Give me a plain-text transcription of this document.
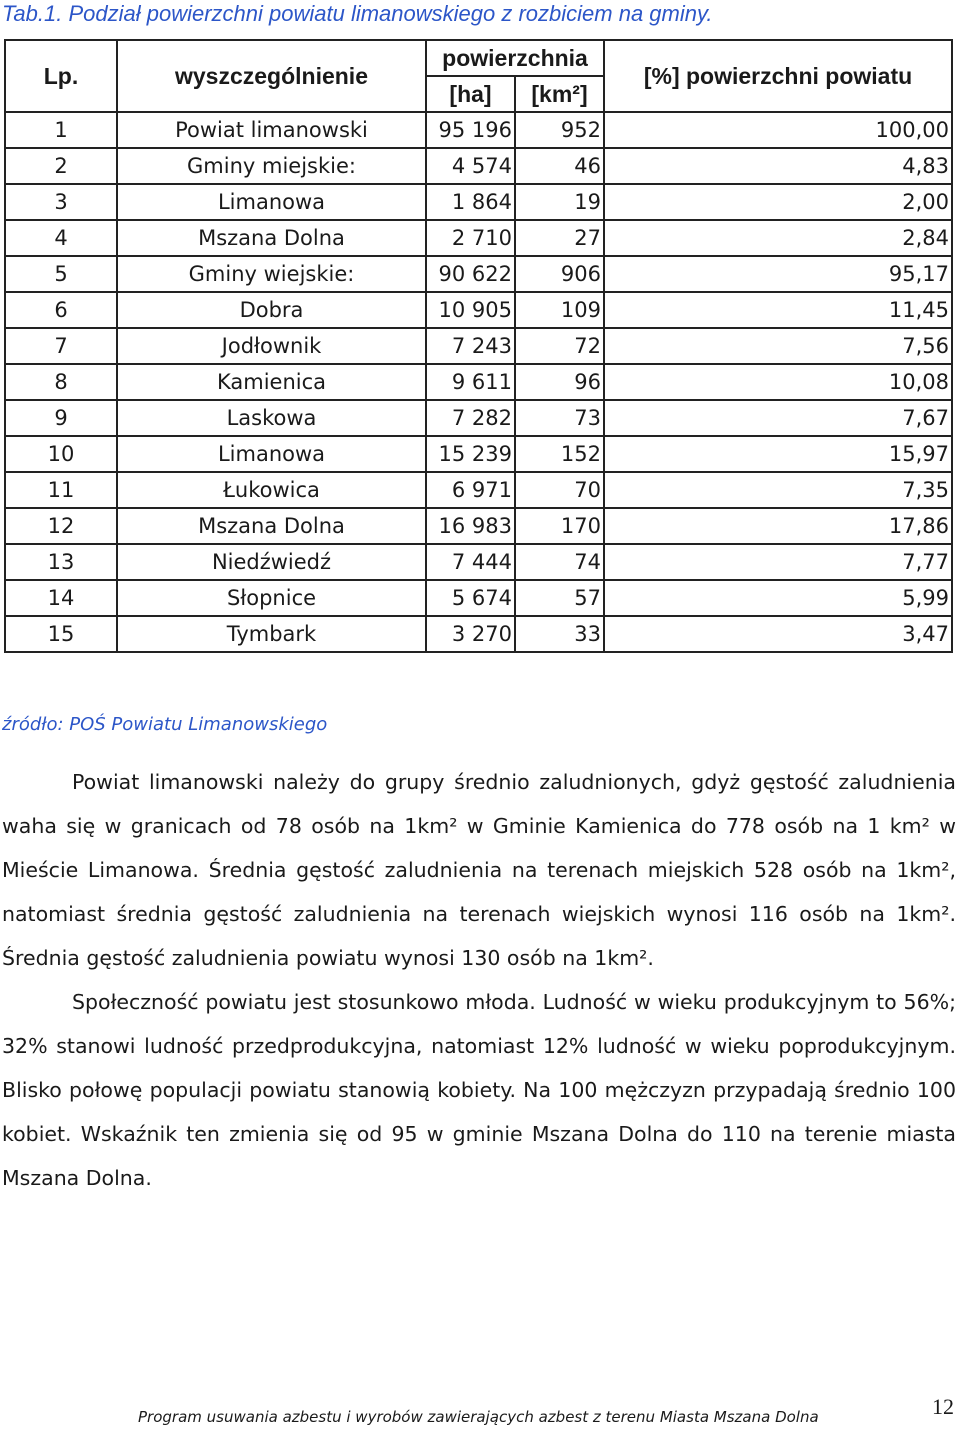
Tab.1. Podział powierzchni powiatu limanowskiego z rozbiciem na gminy.
Lp.	wyszczególnienie	powierzchnia		[%] powierzchni powiatu
		[ha]	[km²]	
1	Powiat limanowski	95 196	952	100,00
2	Gminy miejskie:	4 574	46	4,83
3	Limanowa	1 864	19	2,00
4	Mszana Dolna	2 710	27	2,84
5	Gminy wiejskie:	90 622	906	95,17
6	Dobra	10 905	109	11,45
7	Jodłownik	7 243	72	7,56
8	Kamienica	9 611	96	10,08
9	Laskowa	7 282	73	7,67
10	Limanowa	15 239	152	15,97
11	Łukowica	6 971	70	7,35
12	Mszana Dolna	16 983	170	17,86
13	Niedźwiedź	7 444	74	7,77
14	Słopnice	5 674	57	5,99
15	Tymbark	3 270	33	3,47
źródło: POŚ Powiatu Limanowskiego

Powiat limanowski należy do grupy średnio zaludnionych, gdyż gęstość zaludnienia waha się w granicach od 78 osób na 1km² w Gminie Kamienica do 778 osób na 1 km² w Mieście Limanowa. Średnia gęstość zaludnienia na terenach miejskich 528 osób na 1km², natomiast średnia gęstość zaludnienia na terenach wiejskich wynosi 116 osób na 1km². Średnia gęstość zaludnienia powiatu wynosi 130 osób na 1km².

Społeczność powiatu jest stosunkowo młoda. Ludność w wieku produkcyjnym to 56%; 32% stanowi ludność przedprodukcyjna, natomiast 12% ludność w wieku poprodukcyjnym. Blisko połowę populacji powiatu stanowią kobiety. Na 100 mężczyzn przypadają średnio 100 kobiet. Wskaźnik ten zmienia się od 95 w gminie Mszana Dolna do 110 na terenie miasta Mszana Dolna.

Program usuwania azbestu i wyrobów zawierających azbest z terenu Miasta Mszana Dolna	12
